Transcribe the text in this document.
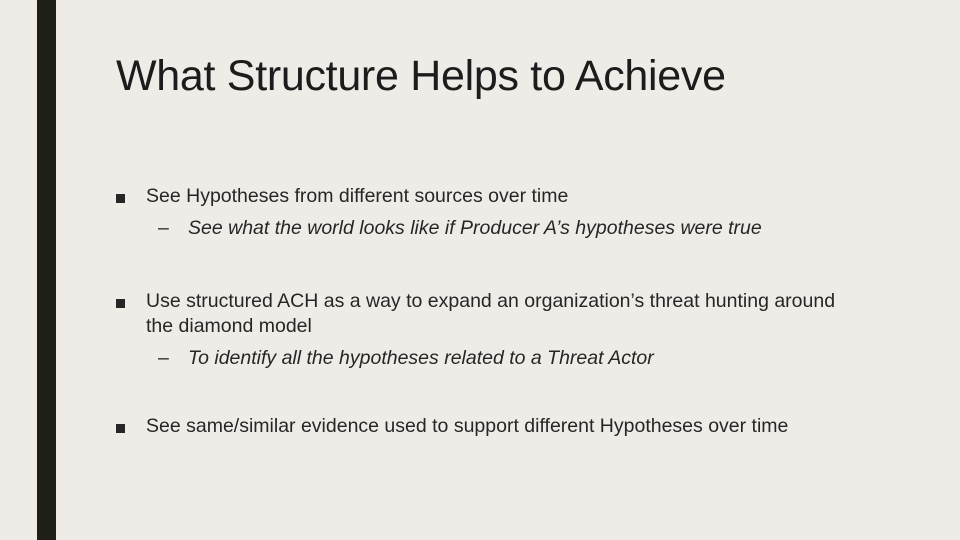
What Structure Helps to Achieve
See Hypotheses from different sources over time
– See what the world looks like if Producer A’s hypotheses were true
Use structured ACH as a way to expand an organization’s threat hunting around the diamond model
– To identify all the hypotheses related to a Threat Actor
See same/similar evidence used to support different Hypotheses over time
